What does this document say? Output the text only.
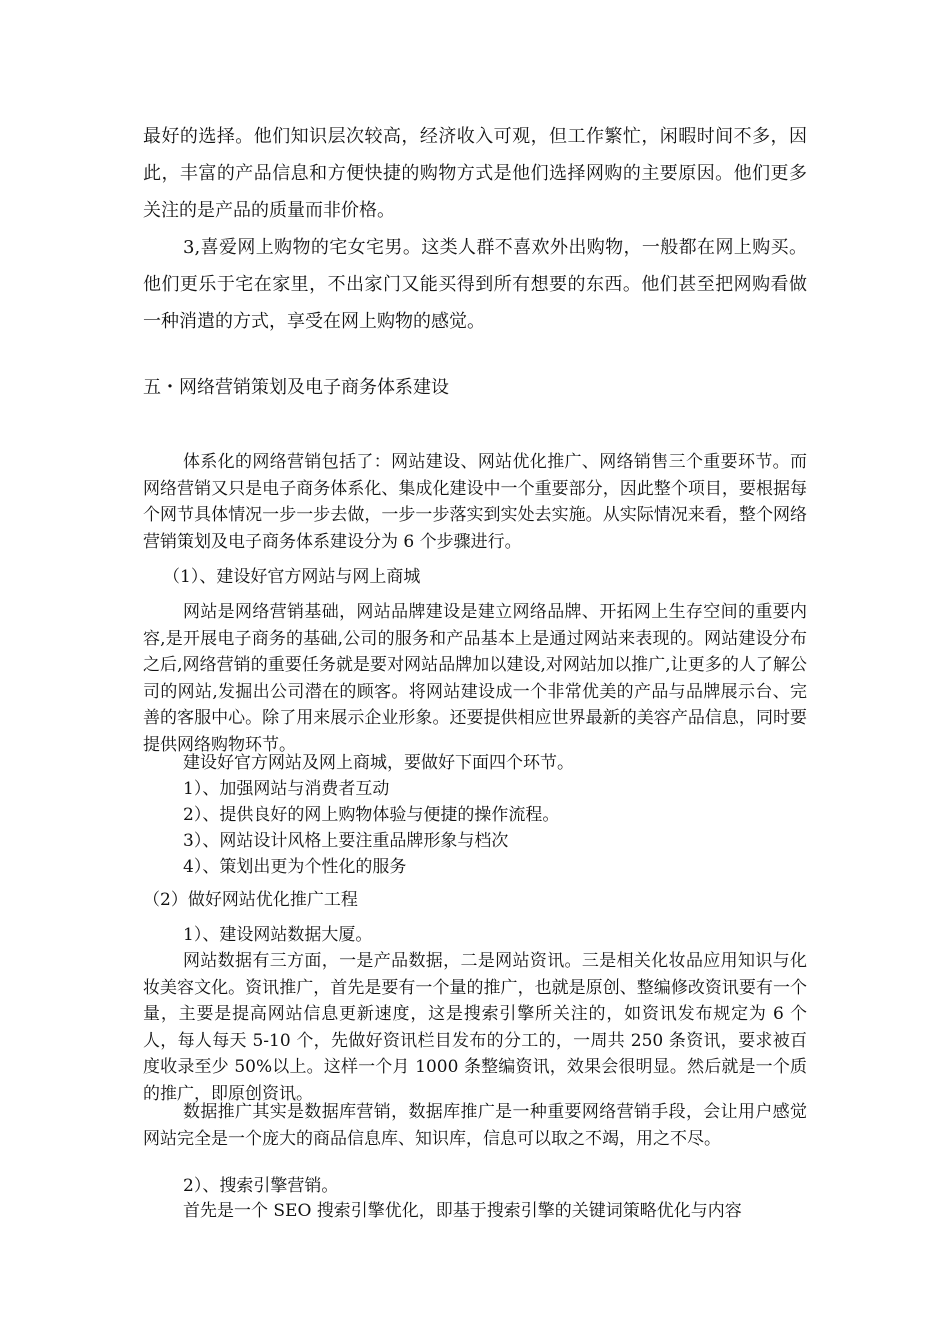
最好的选择。他们知识层次较高，经济收入可观，但工作繁忙，闲暇时间不多，因此，丰富的产品信息和方便快捷的购物方式是他们选择网购的主要原因。他们更多关注的是产品的质量而非价格。

3,喜爱网上购物的宅女宅男。这类人群不喜欢外出购物，一般都在网上购买。他们更乐于宅在家里，不出家门又能买得到所有想要的东西。他们甚至把网购看做一种消遣的方式，享受在网上购物的感觉。

五・网络营销策划及电子商务体系建设

体系化的网络营销包括了：网站建设、网站优化推广、网络销售三个重要环节。而网络营销又只是电子商务体系化、集成化建设中一个重要部分，因此整个项目，要根据每个网节具体情况一步一步去做，一步一步落实到实处去实施。从实际情况来看，整个网络营销策划及电子商务体系建设分为 6 个步骤进行。

（1）、建设好官方网站与网上商城

网站是网络营销基础，网站品牌建设是建立网络品牌、开拓网上生存空间的重要内容,是开展电子商务的基础,公司的服务和产品基本上是通过网站来表现的。网站建设分布之后,网络营销的重要任务就是要对网站品牌加以建设,对网站加以推广,让更多的人了解公司的网站,发掘出公司潜在的顾客。将网站建设成一个非常优美的产品与品牌展示台、完善的客服中心。除了用来展示企业形象。还要提供相应世界最新的美容产品信息，同时要提供网络购物环节。

建设好官方网站及网上商城，要做好下面四个环节。

1）、加强网站与消费者互动

2）、提供良好的网上购物体验与便捷的操作流程。

3）、网站设计风格上要注重品牌形象与档次

4）、策划出更为个性化的服务

（2）做好网站优化推广工程

1）、建设网站数据大厦。

网站数据有三方面，一是产品数据，二是网站资讯。三是相关化妆品应用知识与化妆美容文化。资讯推广，首先是要有一个量的推广，也就是原创、整编修改资讯要有一个量，主要是提高网站信息更新速度，这是搜索引擎所关注的，如资讯发布规定为 6 个人，每人每天 5-10 个，先做好资讯栏目发布的分工的，一周共 250 条资讯，要求被百度收录至少 50%以上。这样一个月 1000 条整编资讯，效果会很明显。然后就是一个质的推广，即原创资讯。

数据推广其实是数据库营销，数据库推广是一种重要网络营销手段，会让用户感觉网站完全是一个庞大的商品信息库、知识库，信息可以取之不竭，用之不尽。

2）、搜索引擎营销。

首先是一个 SEO 搜索引擎优化，即基于搜索引擎的关键词策略优化与内容
